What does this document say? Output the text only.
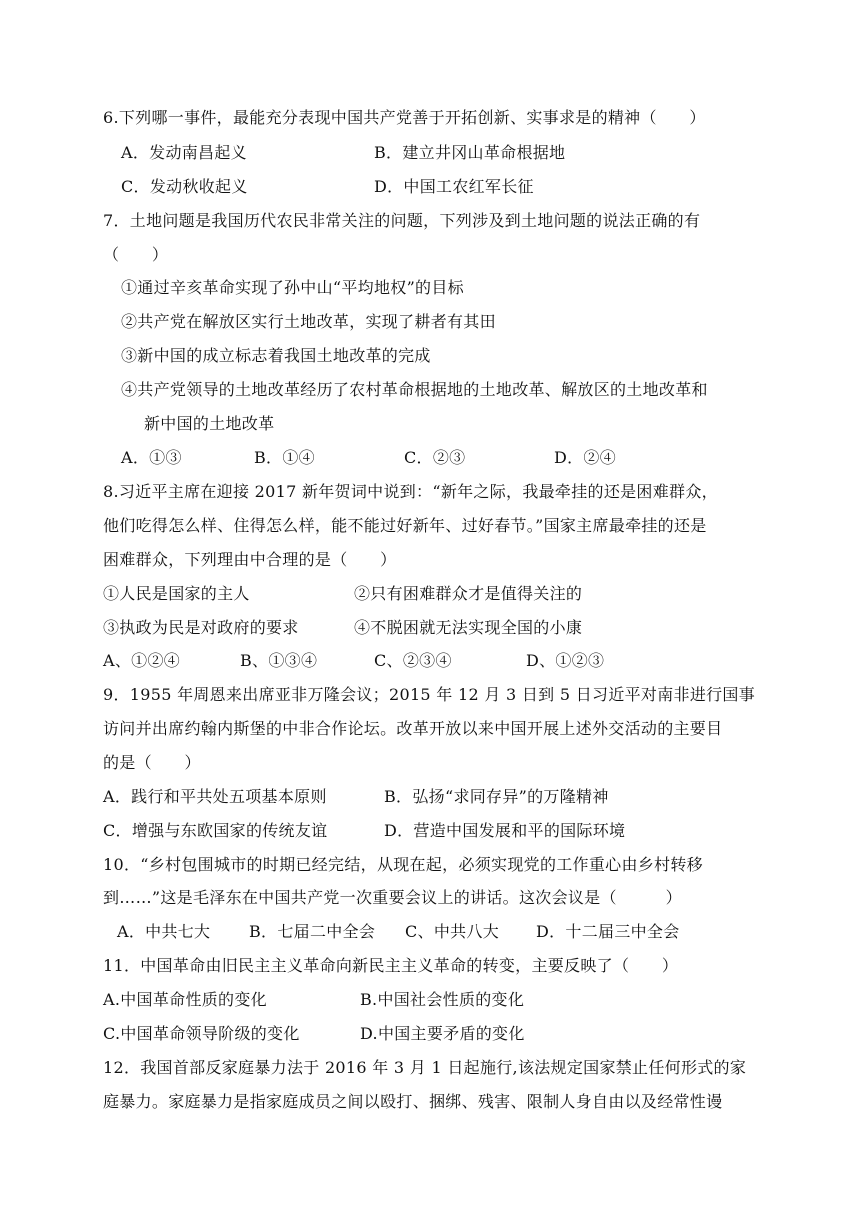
6.下列哪一事件，最能充分表现中国共产党善于开拓创新、实事求是的精神（　　）
A．发动南昌起义	B．建立井冈山革命根据地
C．发动秋收起义	D．中国工农红军长征
7．土地问题是我国历代农民非常关注的问题，下列涉及到土地问题的说法正确的有
（　　）
①通过辛亥革命实现了孙中山“平均地权”的目标
②共产党在解放区实行土地改革，实现了耕者有其田
③新中国的成立标志着我国土地改革的完成
④共产党领导的土地改革经历了农村革命根据地的土地改革、解放区的土地改革和
新中国的土地改革
A．①③	B．①④	C．②③	D．②④
8.习近平主席在迎接 2017 新年贺词中说到：“新年之际，我最牵挂的还是困难群众，
他们吃得怎么样、住得怎么样，能不能过好新年、过好春节。”国家主席最牵挂的还是
困难群众，下列理由中合理的是（　　）
①人民是国家的主人	②只有困难群众才是值得关注的
③执政为民是对政府的要求	④不脱困就无法实现全国的小康
A、①②④	B、①③④	C、②③④	D、①②③
9．1955 年周恩来出席亚非万隆会议；2015 年 12 月 3 日到 5 日习近平对南非进行国事
访问并出席约翰内斯堡的中非合作论坛。改革开放以来中国开展上述外交活动的主要目
的是（　　）
A．践行和平共处五项基本原则	B．弘扬“求同存异”的万隆精神
C．增强与东欧国家的传统友谊	D．营造中国发展和平的国际环境
10．“乡村包围城市的时期已经完结，从现在起，必须实现党的工作重心由乡村转移
到……”这是毛泽东在中国共产党一次重要会议上的讲话。这次会议是（　　　）
A．中共七大 B．七届二中全会 C、中共八大 D．十二届三中全会
11．中国革命由旧民主主义革命向新民主主义革命的转变，主要反映了（　　）
A.中国革命性质的变化	B.中国社会性质的变化
C.中国革命领导阶级的变化	D.中国主要矛盾的变化
12．我国首部反家庭暴力法于 2016 年 3 月 1 日起施行,该法规定国家禁止任何形式的家
庭暴力。家庭暴力是指家庭成员之间以殴打、捆绑、残害、限制人身自由以及经常性谩
